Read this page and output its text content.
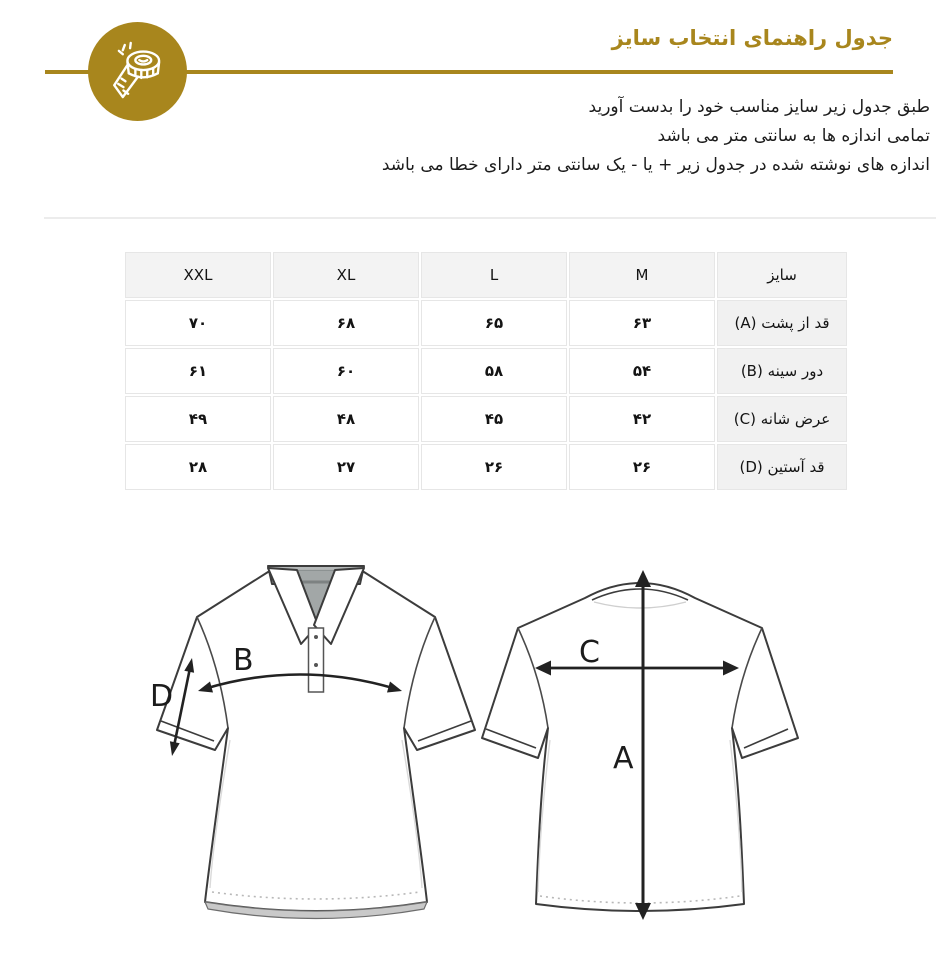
جدول راهنمای انتخاب سایز
طبق جدول زیر سایز مناسب خود را بدست آورید
تمامی اندازه ها به سانتی متر می باشد
اندازه های نوشته شده در جدول زیر + یا - یک سانتی متر دارای خطا می باشد
XXL	XL	L	M	سایز
۷۰	۶۸	۶۵	۶۳	قد از پشت (A)
۶۱	۶۰	۵۸	۵۴	دور سینه (B)
۴۹	۴۸	۴۵	۴۲	عرض شانه (C)
۲۸	۲۷	۲۶	۲۶	قد آستین (D)
B
D
C
A
